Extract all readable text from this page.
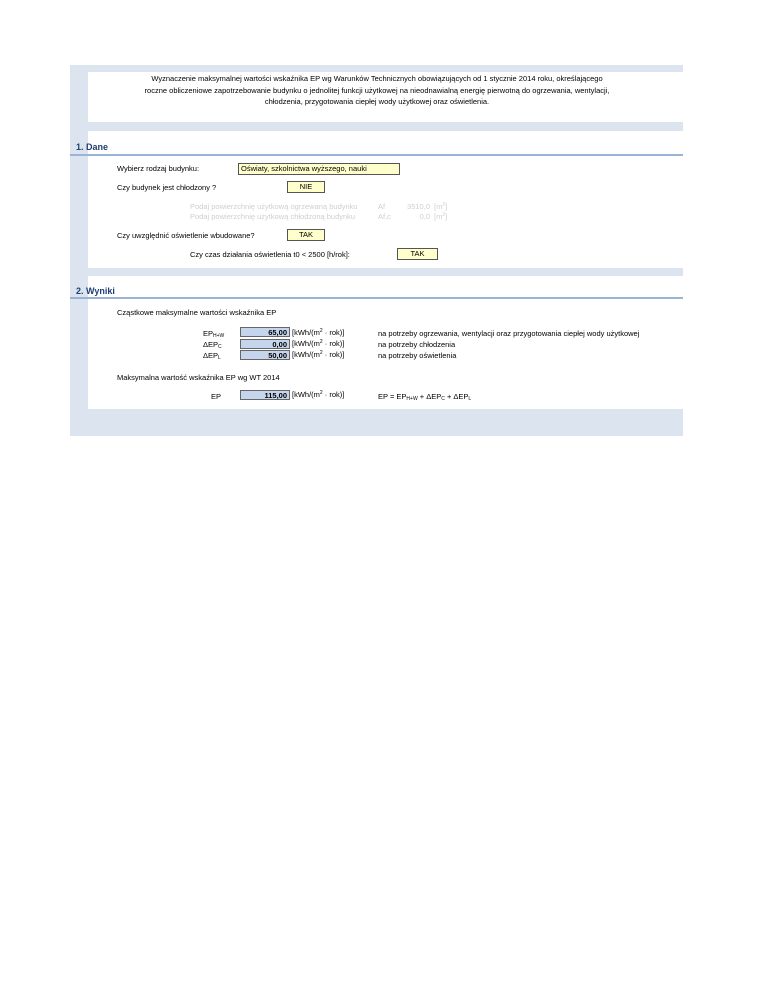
Wyznaczenie maksymalnej wartości wskaźnika EP wg Warunków Technicznych obowiązujących od 1 stycznie 2014 roku, określającego
roczne obliczeniowe zapotrzebowanie budynku o jednolitej funkcji użytkowej na nieodnawialną energię pierwotną do ogrzewania, wentylacji,
chłodzenia, przygotowania ciepłej wody użytkowej oraz oświetlenia.
1. Dane
Wybierz rodzaj budynku:	Oświaty, szkolnictwa wyższego, nauki
Czy budynek jest chłodzony ?	NIE
Podaj powierzchnię użytkową ogrzewaną budynku	Af	3510,0 $[m^2]$
Podaj powierzchnię użytkową chłodzoną budynku	Af,c	0,0 $[m^2]$
Czy uwzględnić oświetlenie wbudowane?	TAK
Czy czas działania oświetlenia t0 < 2500 [h/rok]:	TAK
2. Wyniki
Cząstkowe maksymalne wartości wskaźnika EP
$EP_{H+W}$	65,00 $[kWh/(m^2 \cdot rok)]$	na potrzeby ogrzewania, wentylacji oraz przygotowania ciepłej wody użytkowej
$\Delta EP_C$	0,00 $[kWh/(m^2 \cdot rok)]$	na potrzeby chłodzenia
$\Delta EP_L$	50,00 $[kWh/(m^2 \cdot rok)]$	na potrzeby oświetlenia
Maksymalna wartość wskaźnika EP wg WT 2014
EP	115,00 $[kWh/(m^2 \cdot rok)]$	EP = $EP_{H+W} + \Delta EP_C + \Delta EP_L$
